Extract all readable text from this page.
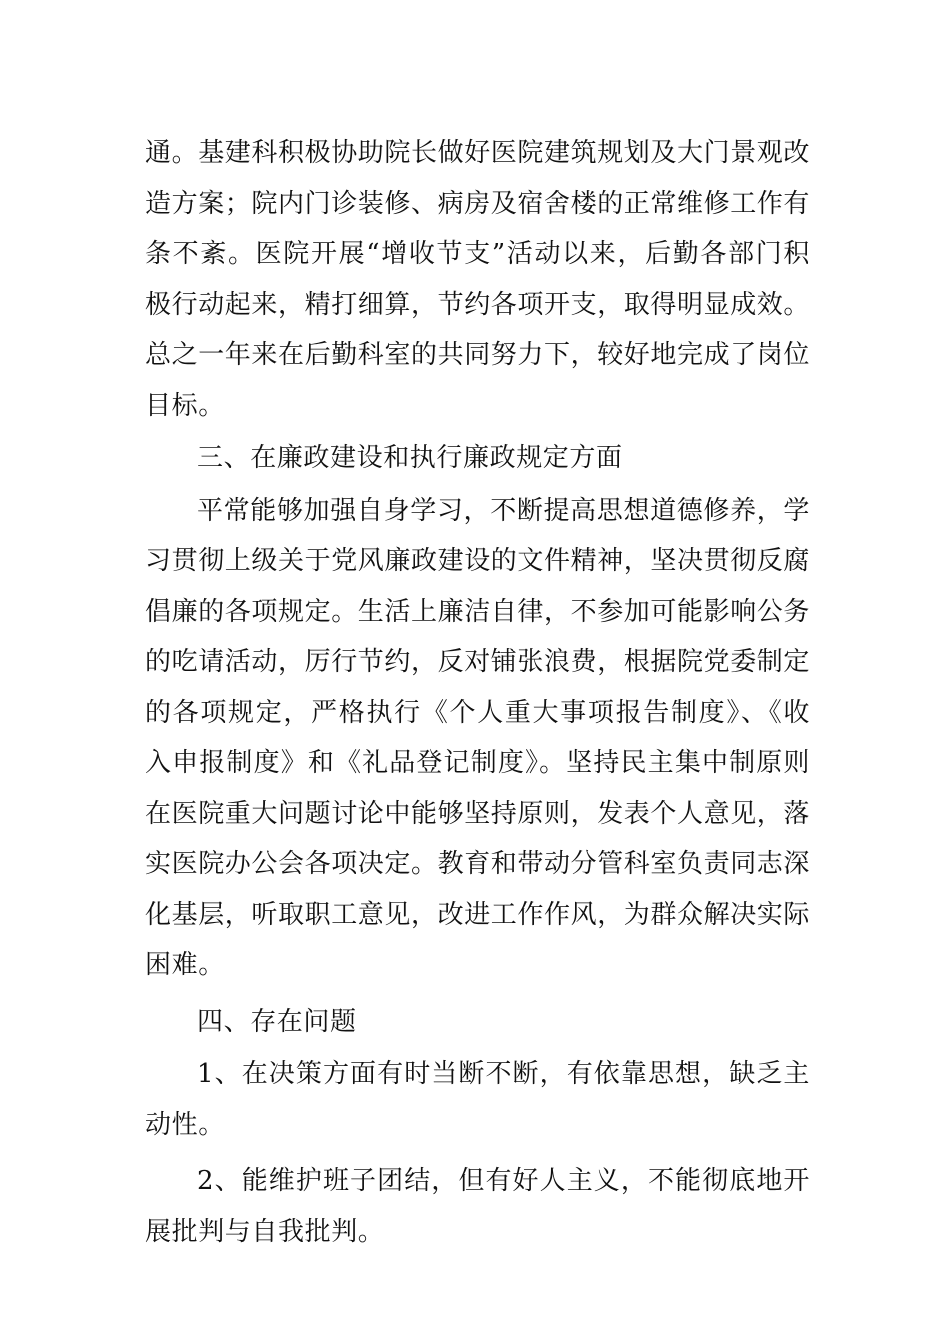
通。基建科积极协助院长做好医院建筑规划及大门景观改造方案；院内门诊装修、病房及宿舍楼的正常维修工作有条不紊。医院开展“增收节支”活动以来，后勤各部门积极行动起来，精打细算，节约各项开支，取得明显成效。总之一年来在后勤科室的共同努力下，较好地完成了岗位目标。

三、在廉政建设和执行廉政规定方面

平常能够加强自身学习，不断提高思想道德修养，学习贯彻上级关于党风廉政建设的文件精神，坚决贯彻反腐倡廉的各项规定。生活上廉洁自律，不参加可能影响公务的吃请活动，厉行节约，反对铺张浪费，根据院党委制定的各项规定，严格执行《个人重大事项报告制度》、《收入申报制度》和《礼品登记制度》。坚持民主集中制原则在医院重大问题讨论中能够坚持原则，发表个人意见，落实医院办公会各项决定。教育和带动分管科室负责同志深化基层，听取职工意见，改进工作作风，为群众解决实际困难。

四、存在问题

1、在决策方面有时当断不断，有依靠思想，缺乏主动性。

2、能维护班子团结，但有好人主义，不能彻底地开展批判与自我批判。
